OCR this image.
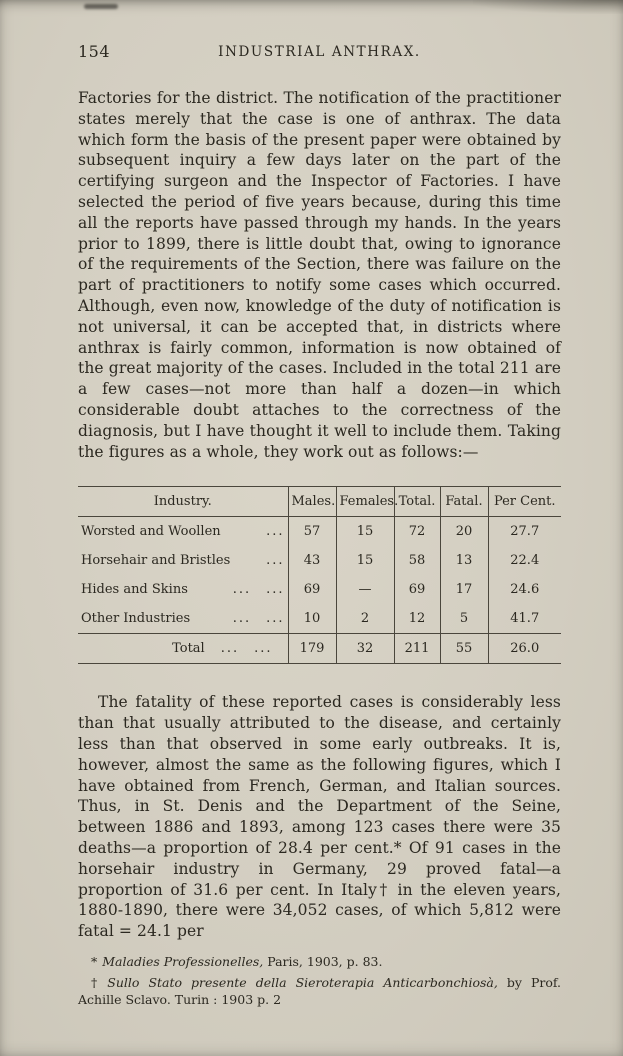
154	INDUSTRIAL ANTHRAX.

Factories for the district. The notification of the practitioner states merely that the case is one of anthrax. The data which form the basis of the present paper were obtained by subsequent inquiry a few days later on the part of the certifying surgeon and the Inspector of Factories. I have selected the period of five years because, during this time all the reports have passed through my hands. In the years prior to 1899, there is little doubt that, owing to ignorance of the requirements of the Section, there was failure on the part of practitioners to notify some cases which occurred. Although, even now, knowledge of the duty of notification is not universal, it can be accepted that, in districts where anthrax is fairly common, information is now obtained of the great majority of the cases. Included in the total 211 are a few cases—not more than half a dozen—in which considerable doubt attaches to the correctness of the diagnosis, but I have thought it well to include them. Taking the figures as a whole, they work out as follows:—

Industry.	Males.	Females.	Total.	Fatal.	Per Cent.

Worsted and Woollen ...	57	15	72	20	27.7

Horsehair and Bristles ...	43	15	58	13	22.4

Hides and Skins ... ...	69	—	69	17	24.6

Other Industries ... ...	10	2	12	5	41.7

Total ... ...	179	32	211	55	26.0

The fatality of these reported cases is considerably less than that usually attributed to the disease, and certainly less than that observed in some early outbreaks. It is, however, almost the same as the following figures, which I have obtained from French, German, and Italian sources. Thus, in St. Denis and the Department of the Seine, between 1886 and 1893, among 123 cases there were 35 deaths—a proportion of 28.4 per cent.* Of 91 cases in the horsehair industry in Germany, 29 proved fatal—a proportion of 31.6 per cent. In Italy† in the eleven years, 1880-1890, there were 34,052 cases, of which 5,812 were fatal = 24.1 per

* Maladies Professionelles, Paris, 1903, p. 83.

† Sullo Stato presente della Sieroterapia Anticarbonchiosà, by Prof. Achille Sclavo. Turin : 1903 p. 2
